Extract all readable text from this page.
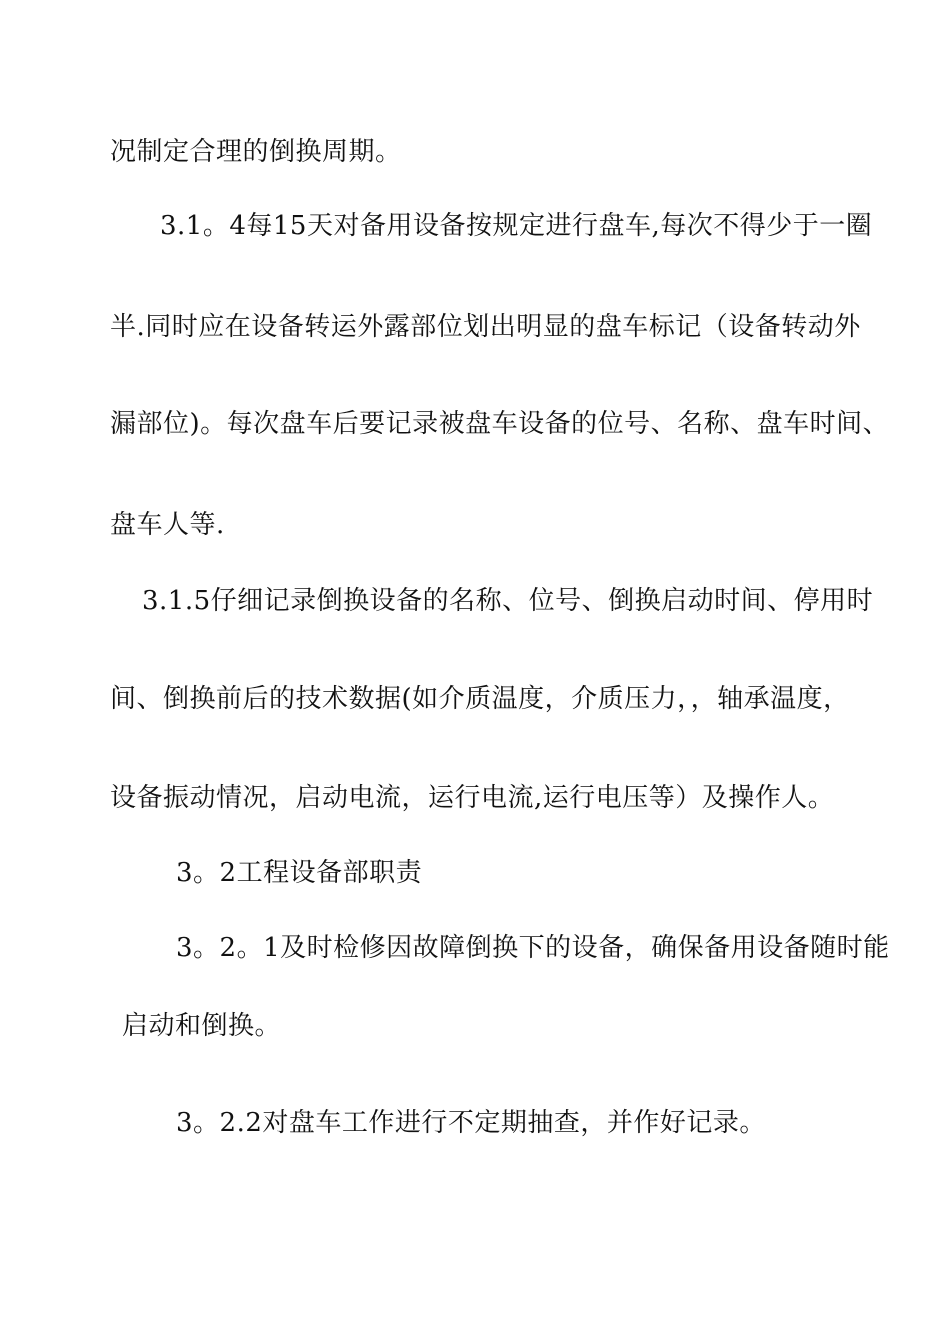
况制定合理的倒换周期。
3.1。4每15天对备用设备按规定进行盘车,每次不得少于一圈
半.同时应在设备转运外露部位划出明显的盘车标记（设备转动外
漏部位)。每次盘车后要记录被盘车设备的位号、名称、盘车时间、
盘车人等.
3.1.5仔细记录倒换设备的名称、位号、倒换启动时间、停用时
间、倒换前后的技术数据(如介质温度，介质压力，，轴承温度，
设备振动情况，启动电流，运行电流,运行电压等）及操作人。
3。2工程设备部职责
3。2。1及时检修因故障倒换下的设备，确保备用设备随时能
启动和倒换。
3。2.2对盘车工作进行不定期抽查，并作好记录。
